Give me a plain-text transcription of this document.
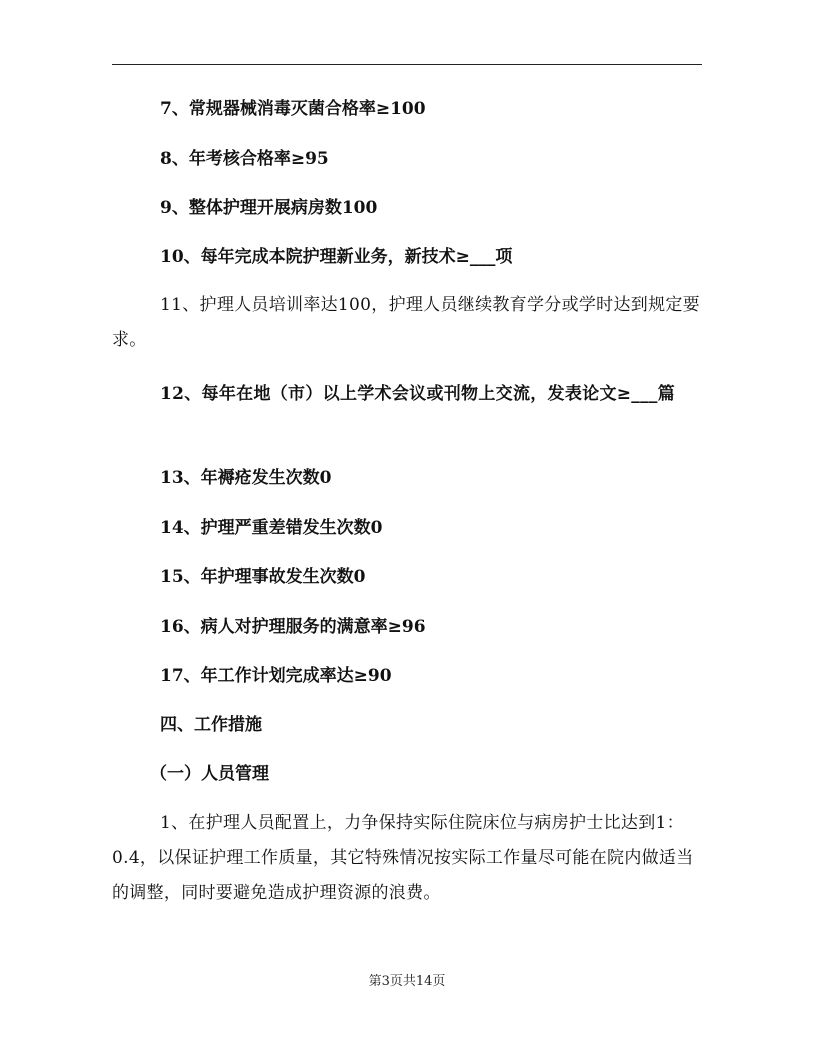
7、常规器械消毒灭菌合格率≥100
8、年考核合格率≥95
9、整体护理开展病房数100
10、每年完成本院护理新业务，新技术≥___项
11、护理人员培训率达100，护理人员继续教育学分或学时达到规定要求。
12、每年在地（市）以上学术会议或刊物上交流，发表论文≥___篇
13、年褥疮发生次数0
14、护理严重差错发生次数0
15、年护理事故发生次数0
16、病人对护理服务的满意率≥96
17、年工作计划完成率达≥90
四、工作措施
（一）人员管理
1、在护理人员配置上，力争保持实际住院床位与病房护士比达到1：0.4，以保证护理工作质量，其它特殊情况按实际工作量尽可能在院内做适当的调整，同时要避免造成护理资源的浪费。
第3页共14页
